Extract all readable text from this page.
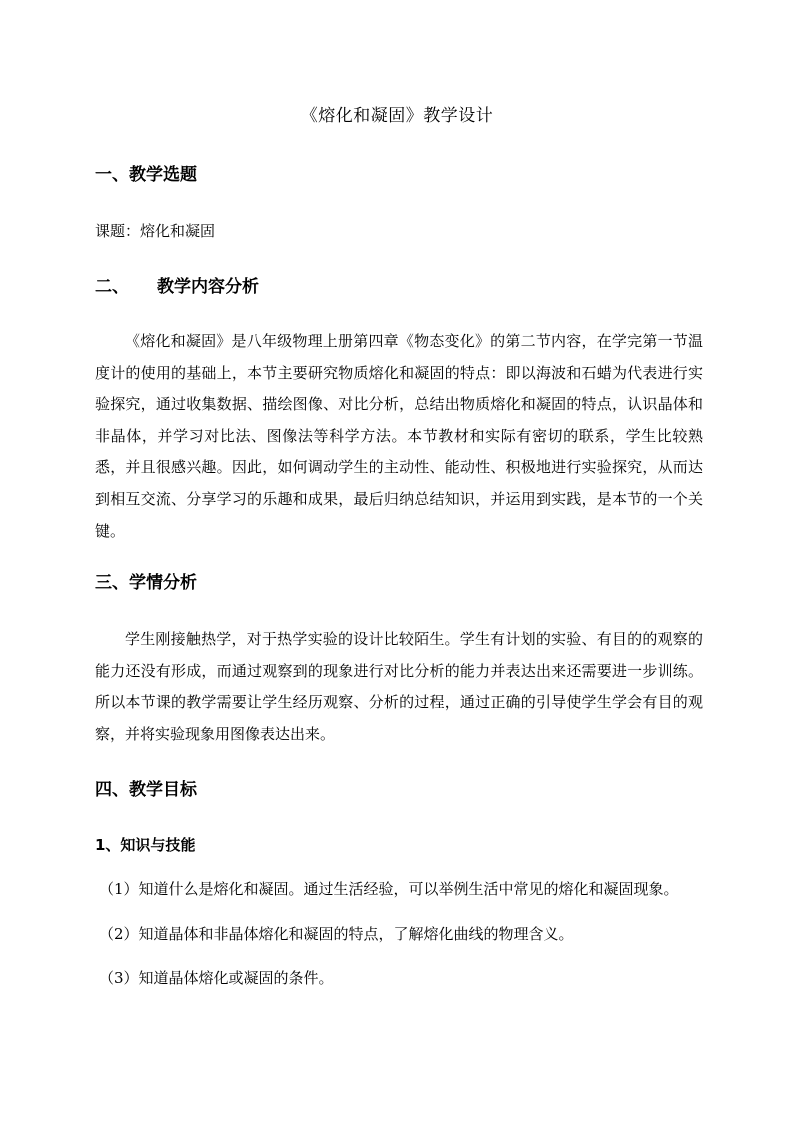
《熔化和凝固》教学设计
一、教学选题
课题：熔化和凝固
二、 教学内容分析
《熔化和凝固》是八年级物理上册第四章《物态变化》的第二节内容，在学完第一节温度计的使用的基础上，本节主要研究物质熔化和凝固的特点：即以海波和石蜡为代表进行实验探究，通过收集数据、描绘图像、对比分析，总结出物质熔化和凝固的特点，认识晶体和非晶体，并学习对比法、图像法等科学方法。本节教材和实际有密切的联系，学生比较熟悉，并且很感兴趣。因此，如何调动学生的主动性、能动性、积极地进行实验探究，从而达到相互交流、分享学习的乐趣和成果，最后归纳总结知识，并运用到实践，是本节的一个关键。
三、学情分析
学生刚接触热学，对于热学实验的设计比较陌生。学生有计划的实验、有目的的观察的能力还没有形成，而通过观察到的现象进行对比分析的能力并表达出来还需要进一步训练。所以本节课的教学需要让学生经历观察、分析的过程，通过正确的引导使学生学会有目的观察，并将实验现象用图像表达出来。
四、教学目标
1、知识与技能
（1）知道什么是熔化和凝固。通过生活经验，可以举例生活中常见的熔化和凝固现象。
（2）知道晶体和非晶体熔化和凝固的特点，了解熔化曲线的物理含义。
（3）知道晶体熔化或凝固的条件。
